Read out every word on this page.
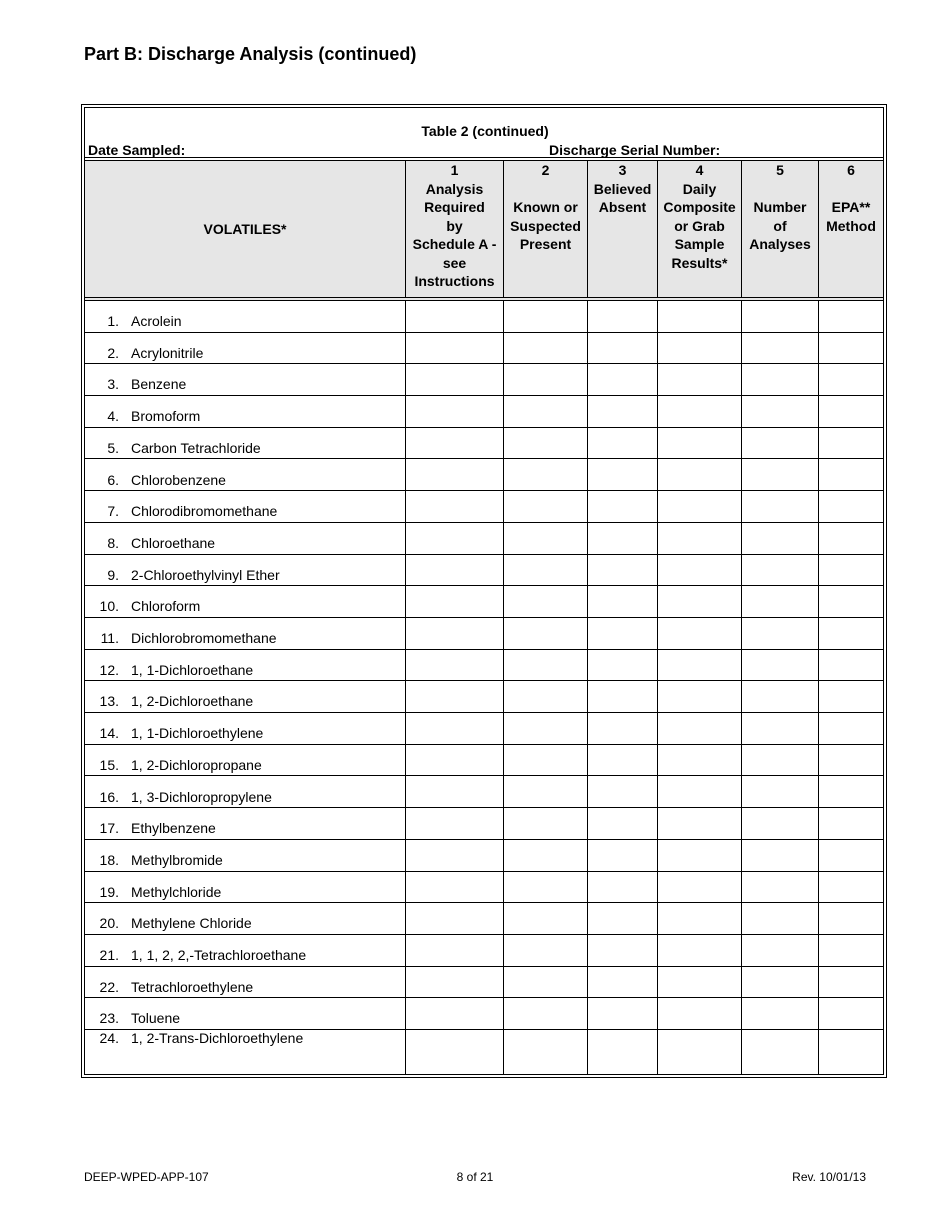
Part B: Discharge Analysis (continued)
Table 2 (continued)
Date Sampled:	Discharge Serial Number:
VOLATILES*
1
Analysis
Required
by
Schedule A -
see
Instructions
2

Known or
Suspected
Present
3
Believed
Absent
4
Daily
Composite
or Grab
Sample
Results*
5

Number
of
Analyses
6

EPA**
Method
1. Acrolein
2. Acrylonitrile
3. Benzene
4. Bromoform
5. Carbon Tetrachloride
6. Chlorobenzene
7. Chlorodibromomethane
8. Chloroethane
9. 2-Chloroethylvinyl Ether
10. Chloroform
11. Dichlorobromomethane
12. 1, 1-Dichloroethane
13. 1, 2-Dichloroethane
14. 1, 1-Dichloroethylene
15. 1, 2-Dichloropropane
16. 1, 3-Dichloropropylene
17. Ethylbenzene
18. Methylbromide
19. Methylchloride
20. Methylene Chloride
21. 1, 1, 2, 2,-Tetrachloroethane
22. Tetrachloroethylene
23. Toluene
24. 1, 2-Trans-Dichloroethylene
DEEP-WPED-APP-107	8 of 21	Rev. 10/01/13
